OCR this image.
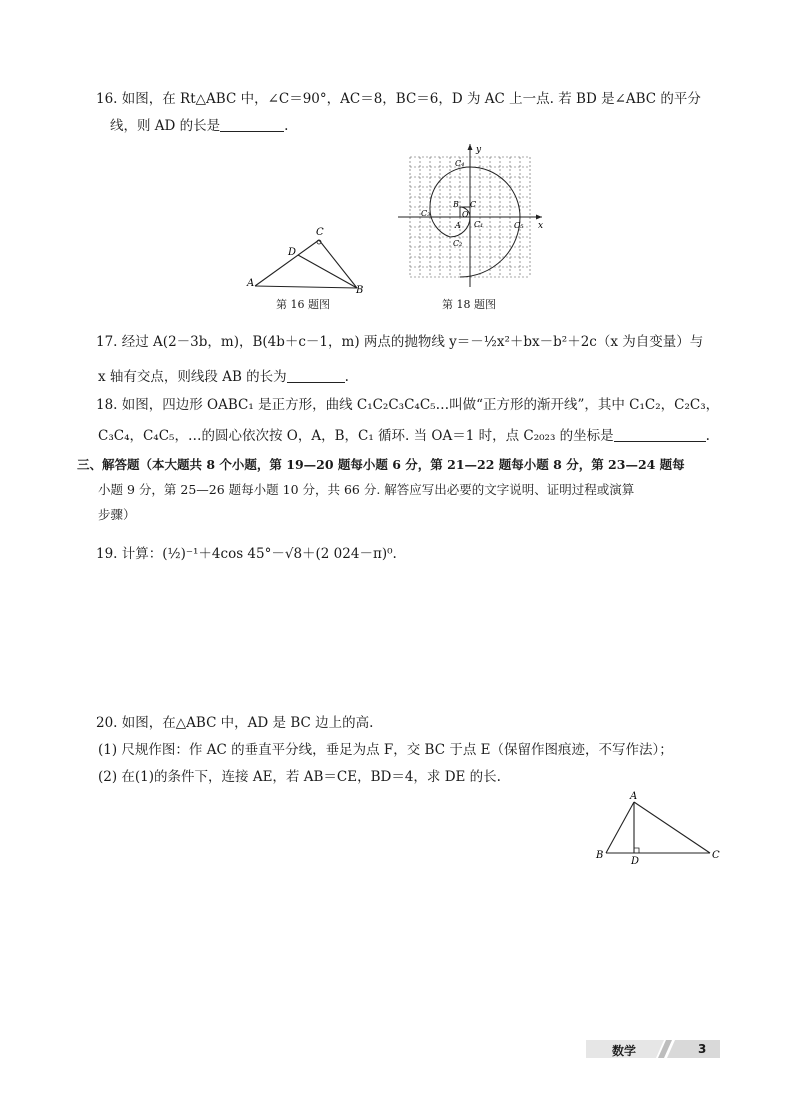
16. 如图，在 Rt△ABC 中，∠C＝90°，AC＝8，BC＝6，D 为 AC 上一点. 若 BD 是∠ABC 的平分
线，则 AD 的长是	.
A
B
C
D
第 16 题图
y
x
O
A
B C
C₁
C₂
C₃
C₄
C₅
第 18 题图
17. 经过 A(2－3b，m)，B(4b＋c－1，m) 两点的抛物线 y＝－½x²＋bx－b²＋2c（x 为自变量）与
x 轴有交点，则线段 AB 的长为	.
18. 如图，四边形 OABC₁ 是正方形，曲线 C₁C₂C₃C₄C₅…叫做“正方形的渐开线”，其中 C₁C₂，C₂C₃，
C₃C₄，C₄C₅，…的圆心依次按 O，A，B，C₁ 循环. 当 OA＝1 时，点 C₂₀₂₃ 的坐标是	.
三、解答题（本大题共 8 个小题，第 19—20 题每小题 6 分，第 21—22 题每小题 8 分，第 23—24 题每
小题 9 分，第 25—26 题每小题 10 分，共 66 分. 解答应写出必要的文字说明、证明过程或演算
步骤）
19. 计算：(½)⁻¹＋4cos 45°－√8＋(2 024－π)⁰.
20. 如图，在△ABC 中，AD 是 BC 边上的高.
(1) 尺规作图：作 AC 的垂直平分线，垂足为点 F，交 BC 于点 E（保留作图痕迹，不写作法）；
(2) 在(1)的条件下，连接 AE，若 AB＝CE，BD＝4，求 DE 的长.
A
B	C
D
数学	3
